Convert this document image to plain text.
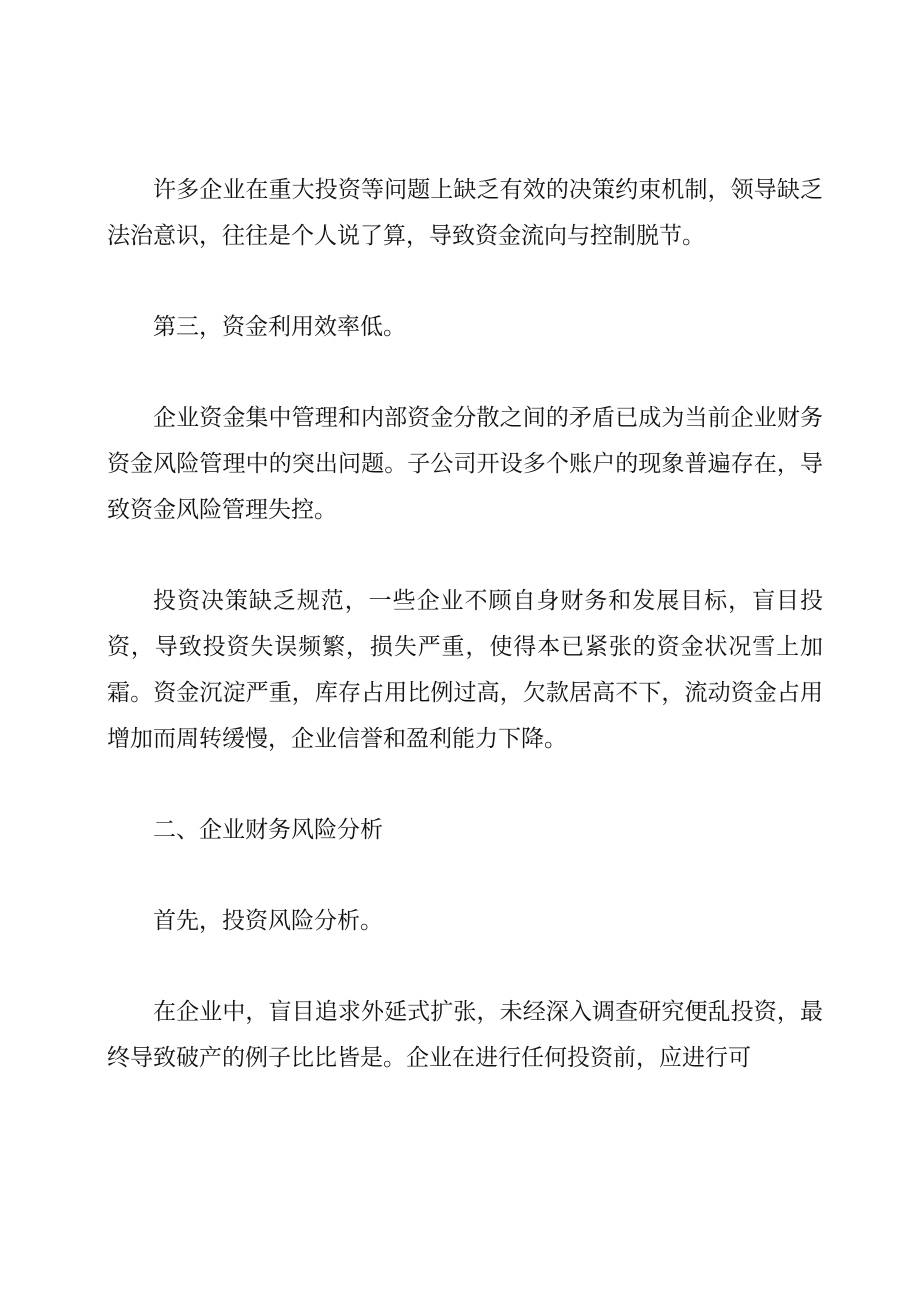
许多企业在重大投资等问题上缺乏有效的决策约束机制，领导缺乏法治意识，往往是个人说了算，导致资金流向与控制脱节。

第三，资金利用效率低。

企业资金集中管理和内部资金分散之间的矛盾已成为当前企业财务资金风险管理中的突出问题。子公司开设多个账户的现象普遍存在，导致资金风险管理失控。

投资决策缺乏规范，一些企业不顾自身财务和发展目标，盲目投资，导致投资失误频繁，损失严重，使得本已紧张的资金状况雪上加霜。资金沉淀严重，库存占用比例过高，欠款居高不下，流动资金占用增加而周转缓慢，企业信誉和盈利能力下降。

二、企业财务风险分析

首先，投资风险分析。

在企业中，盲目追求外延式扩张，未经深入调查研究便乱投资，最终导致破产的例子比比皆是。企业在进行任何投资前，应进行可
